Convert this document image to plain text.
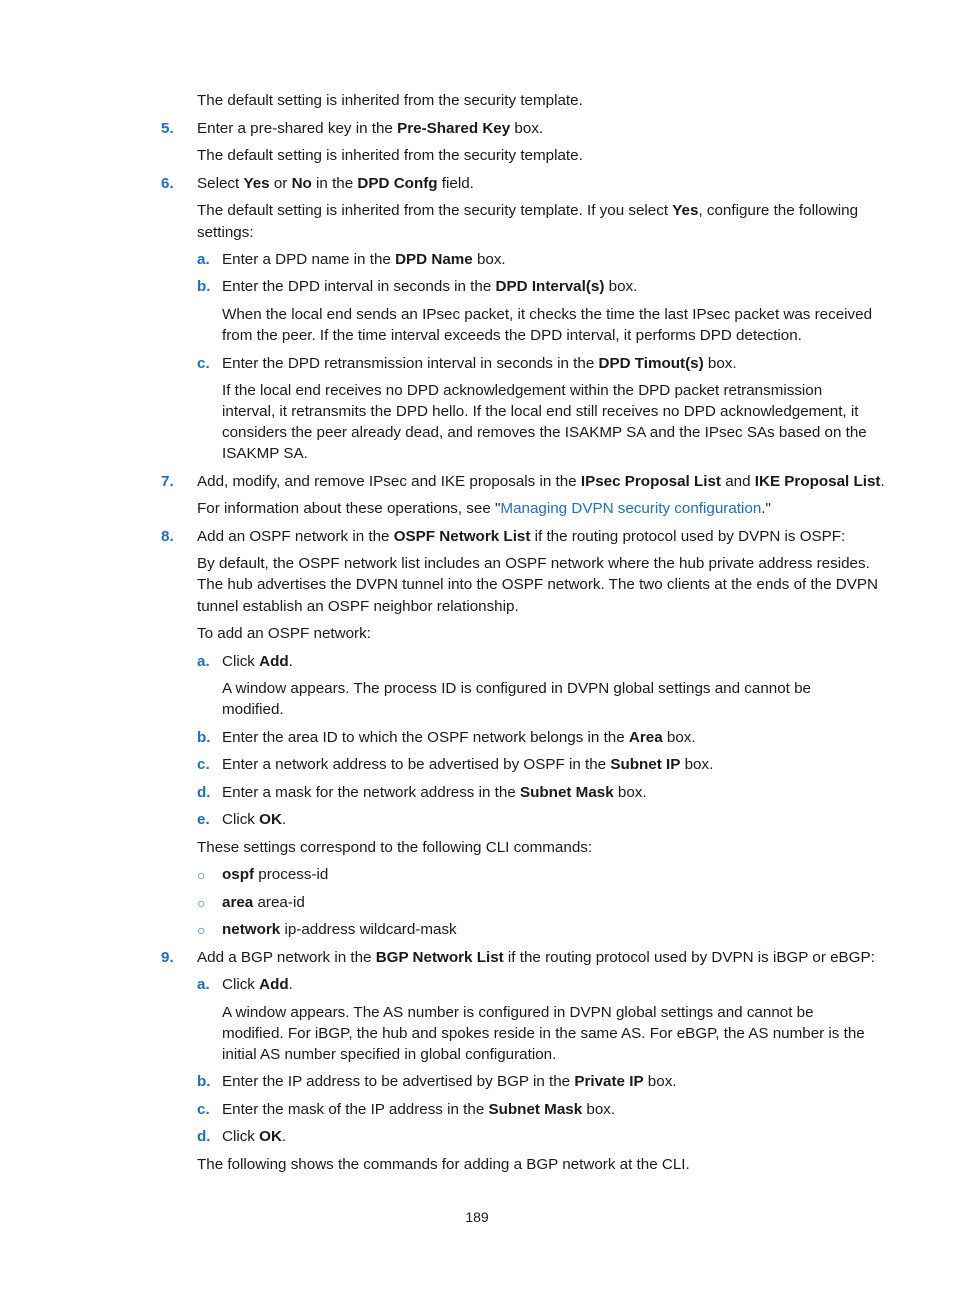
The default setting is inherited from the security template.
5. Enter a pre-shared key in the Pre-Shared Key box.
The default setting is inherited from the security template.
6. Select Yes or No in the DPD Confg field.
The default setting is inherited from the security template. If you select Yes, configure the following
settings:
a. Enter a DPD name in the DPD Name box.
b. Enter the DPD interval in seconds in the DPD Interval(s) box.
When the local end sends an IPsec packet, it checks the time the last IPsec packet was received
from the peer. If the time interval exceeds the DPD interval, it performs DPD detection.
c. Enter the DPD retransmission interval in seconds in the DPD Timout(s) box.
If the local end receives no DPD acknowledgement within the DPD packet retransmission
interval, it retransmits the DPD hello. If the local end still receives no DPD acknowledgement, it
considers the peer already dead, and removes the ISAKMP SA and the IPsec SAs based on the
ISAKMP SA.
7. Add, modify, and remove IPsec and IKE proposals in the IPsec Proposal List and IKE Proposal List.
For information about these operations, see "Managing DVPN security configuration."
8. Add an OSPF network in the OSPF Network List if the routing protocol used by DVPN is OSPF:
By default, the OSPF network list includes an OSPF network where the hub private address resides.
The hub advertises the DVPN tunnel into the OSPF network. The two clients at the ends of the DVPN
tunnel establish an OSPF neighbor relationship.
To add an OSPF network:
a. Click Add.
A window appears. The process ID is configured in DVPN global settings and cannot be
modified.
b. Enter the area ID to which the OSPF network belongs in the Area box.
c. Enter a network address to be advertised by OSPF in the Subnet IP box.
d. Enter a mask for the network address in the Subnet Mask box.
e. Click OK.
These settings correspond to the following CLI commands:
○ ospf process-id
○ area area-id
○ network ip-address wildcard-mask
9. Add a BGP network in the BGP Network List if the routing protocol used by DVPN is iBGP or eBGP:
a. Click Add.
A window appears. The AS number is configured in DVPN global settings and cannot be
modified. For iBGP, the hub and spokes reside in the same AS. For eBGP, the AS number is the
initial AS number specified in global configuration.
b. Enter the IP address to be advertised by BGP in the Private IP box.
c. Enter the mask of the IP address in the Subnet Mask box.
d. Click OK.
The following shows the commands for adding a BGP network at the CLI.
189
